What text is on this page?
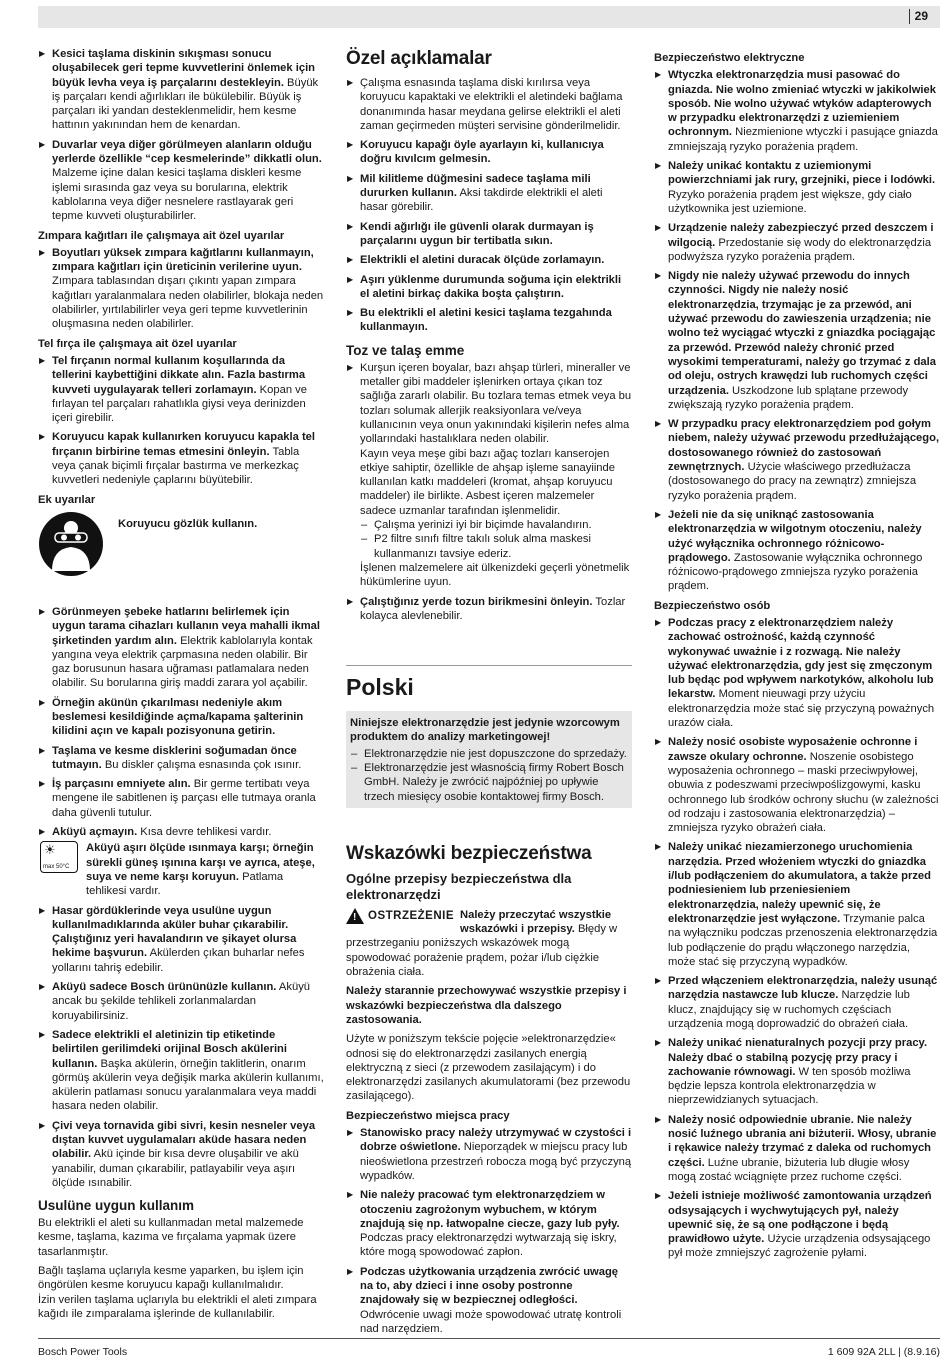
29
▶ Kesici taşlama diskinin sıkışması sonucu oluşabilecek geri tepme kuvvetlerini önlemek için büyük levha veya iş parçalarını destekleyin. Büyük iş parçaları kendi ağırlıkları ile bükülebilir. Büyük iş parçaları iki yandan desteklenmelidir, hem kesme hattının yakınından hem de kenardan.
▶ Duvarlar veya diğer görülmeyen alanların olduğu yerlerde özellikle “cep kesmelerinde” dikkatli olun. Malzeme içine dalan kesici taşlama diskleri kesme işlemi sırasında gaz veya su borularına, elektrik kablolarına veya diğer nesnelere rastlayarak geri tepme kuvveti oluşturabilirler.
Zımpara kağıtları ile çalışmaya ait özel uyarılar
▶ Boyutları yüksek zımpara kağıtlarını kullanmayın, zımpara kağıtları için üreticinin verilerine uyun. Zımpara tablasından dışarı çıkıntı yapan zımpara kağıtları yaralanmalara neden olabilirler, blokaja neden olabilirler, yırtılabilirler veya geri tepme kuvvetlerinin oluşmasına neden olabilirler.
Tel fırça ile çalışmaya ait özel uyarılar
▶ Tel fırçanın normal kullanım koşullarında da tellerini kaybettiğini dikkate alın. Fazla bastırma kuvveti uygulayarak telleri zorlamayın. Kopan ve fırlayan tel parçaları rahatlıkla giysi veya derinizden içeri girebilir.
▶ Koruyucu kapak kullanırken koruyucu kapakla tel fırçanın birbirine temas etmesini önleyin. Tabla veya çanak biçimli fırçalar bastırma ve merkezkaç kuvvetleri nedeniyle çaplarını büyütebilir.
Ek uyarılar
Koruyucu gözlük kullanın.
▶ Görünmeyen şebeke hatlarını belirlemek için uygun tarama cihazları kullanın veya mahalli ikmal şirketinden yardım alın. Elektrik kablolarıyla kontak yangına veya elektrik çarpmasına neden olabilir. Bir gaz borusunun hasara uğraması patlamalara neden olabilir. Su borularına giriş maddi zarara yol açabilir.
▶ Örneğin akünün çıkarılması nedeniyle akım beslemesi kesildiğinde açma/kapama şalterinin kilidini açın ve kapalı pozisyonuna getirin.
▶ Taşlama ve kesme disklerini soğumadan önce tutmayın. Bu diskler çalışma esnasında çok ısınır.
▶ İş parçasını emniyete alın. Bir germe tertibatı veya mengene ile sabitlenen iş parçası elle tutmaya oranla daha güvenli tutulur.
▶ Aküyü açmayın. Kısa devre tehlikesi vardır.
☀
max 50°C
Aküyü aşırı ölçüde ısınmaya karşı; örneğin sürekli güneş ışınına karşı ve ayrıca, ateşe, suya ve neme karşı koruyun. Patlama tehlikesi vardır.
▶ Hasar gördüklerinde veya usulüne uygun kullanılmadıklarında aküler buhar çıkarabilir. Çalıştığınız yeri havalandırın ve şikayet olursa hekime başvurun. Akülerden çıkan buharlar nefes yollarını tahriş edebilir.
▶ Aküyü sadece Bosch ürününüzle kullanın. Aküyü ancak bu şekilde tehlikeli zorlanmalardan koruyabilirsiniz.
▶ Sadece elektrikli el aletinizin tip etiketinde belirtilen gerilimdeki orijinal Bosch akülerini kullanın. Başka akülerin, örneğin taklitlerin, onarım görmüş akülerin veya değişik marka akülerin kullanımı, akülerin patlaması sonucu yaralanmalara veya maddi hasara neden olabilir.
▶ Çivi veya tornavida gibi sivri, kesin nesneler veya dıştan kuvvet uygulamaları aküde hasara neden olabilir. Akü içinde bir kısa devre oluşabilir ve akü yanabilir, duman çıkarabilir, patlayabilir veya aşırı ölçüde ısınabilir.
Usulüne uygun kullanım

Bu elektrikli el aleti su kullanmadan metal malzemede kesme, taşlama, kazıma ve fırçalama yapmak üzere tasarlanmıştır.

Bağlı taşlama uçlarıyla kesme yaparken, bu işlem için öngörülen kesme koruyucu kapağı kullanılmalıdır.

İzin verilen taşlama uçlarıyla bu elektrikli el aleti zımpara kağıdı ile zımparalama işlerinde de kullanılabilir.

Özel açıklamalar
▶ Çalışma esnasında taşlama diski kırılırsa veya koruyucu kapaktaki ve elektrikli el aletindeki bağlama donanımında hasar meydana gelirse elektrikli el aleti zaman geçirmeden müşteri servisine gönderilmelidir.
▶ Koruyucu kapağı öyle ayarlayın ki, kullanıcıya doğru kıvılcım gelmesin.
▶ Mil kilitleme düğmesini sadece taşlama mili dururken kullanın. Aksi takdirde elektrikli el aleti hasar görebilir.
▶ Kendi ağırlığı ile güvenli olarak durmayan iş parçalarını uygun bir tertibatla sıkın.
▶ Elektrikli el aletini duracak ölçüde zorlamayın.
▶ Aşırı yüklenme durumunda soğuma için elektrikli el aletini birkaç dakika boşta çalıştırın.
▶ Bu elektrikli el aletini kesici taşlama tezgahında kullanmayın.
Toz ve talaş emme
▶ Kurşun içeren boyalar, bazı ahşap türleri, mineraller ve metaller gibi maddeler işlenirken ortaya çıkan toz sağlığa zararlı olabilir. Bu tozlara temas etmek veya bu tozları solumak allerjik reaksiyonlara ve/veya kullanıcının veya onun yakınındaki kişilerin nefes alma yollarındaki hastalıklara neden olabilir.

Kayın veya meşe gibi bazı ağaç tozları kanserojen etkiye sahiptir, özellikle de ahşap işleme sanayiinde kullanılan katkı maddeleri (kromat, ahşap koruyucu maddeler) ile birlikte. Asbest içeren malzemeler sadece uzmanlar tarafından işlenmelidir.

– Çalışma yerinizi iyi bir biçimde havalandırın.
– P2 filtre sınıfı filtre takılı soluk alma maskesi kullanmanızı tavsiye ederiz.

İşlenen malzemelere ait ülkenizdeki geçerli yönetmelik hükümlerine uyun.

▶ Çalıştığınız yerde tozun birikmesini önleyin. Tozlar kolayca alevlenebilir.
Polski
Niniejsze elektronarzędzie jest jedynie wzorcowym produktem do analizy marketingowej!
– Elektronarzędzie nie jest dopuszczone do sprzedaży.
– Elektronarzędzie jest własnością firmy Robert Bosch GmbH. Należy je zwrócić najpóźniej po upływie trzech miesięcy osobie kontaktowej firmy Bosch.
Wskazówki bezpieczeństwa
Ogólne przepisy bezpieczeństwa dla elektronarzędzi
! OSTRZEŻENIE Należy przeczytać wszystkie wskazówki i przepisy. Błędy w przestrzeganiu poniższych wskazówek mogą spowodować porażenie prądem, pożar i/lub ciężkie obrażenia ciała.

Należy starannie przechowywać wszystkie przepisy i wskazówki bezpieczeństwa dla dalszego zastosowania.

Użyte w poniższym tekście pojęcie »elektronarzędzie« odnosi się do elektronarzędzi zasilanych energią elektryczną z sieci (z przewodem zasilającym) i do elektronarzędzi zasilanych akumulatorami (bez przewodu zasilającego).

Bezpieczeństwo miejsca pracy
▶ Stanowisko pracy należy utrzymywać w czystości i dobrze oświetlone. Nieporządek w miejscu pracy lub nieoświetlona przestrzeń robocza mogą być przyczyną wypadków.
▶ Nie należy pracować tym elektronarzędziem w otoczeniu zagrożonym wybuchem, w którym znajdują się np. łatwopalne ciecze, gazy lub pyły. Podczas pracy elektronarzędzi wytwarzają się iskry, które mogą spowodować zapłon.
▶ Podczas użytkowania urządzenia zwrócić uwagę na to, aby dzieci i inne osoby postronne znajdowały się w bezpiecznej odległości. Odwrócenie uwagi może spowodować utratę kontroli nad narzędziem.
Bezpieczeństwo elektryczne
▶ Wtyczka elektronarzędzia musi pasować do gniazda. Nie wolno zmieniać wtyczki w jakikolwiek sposób. Nie wolno używać wtyków adapterowych w przypadku elektronarzędzi z uziemieniem ochronnym. Niezmienione wtyczki i pasujące gniazda zmniejszają ryzyko porażenia prądem.
▶ Należy unikać kontaktu z uziemionymi powierzchniami jak rury, grzejniki, piece i lodówki. Ryzyko porażenia prądem jest większe, gdy ciało użytkownika jest uziemione.
▶ Urządzenie należy zabezpieczyć przed deszczem i wilgocią. Przedostanie się wody do elektronarzędzia podwyższa ryzyko porażenia prądem.
▶ Nigdy nie należy używać przewodu do innych czynności. Nigdy nie należy nosić elektronarzędzia, trzymając je za przewód, ani używać przewodu do zawieszenia urządzenia; nie wolno też wyciągać wtyczki z gniazdka pociągając za przewód. Przewód należy chronić przed wysokimi temperaturami, należy go trzymać z dala od oleju, ostrych krawędzi lub ruchomych części urządzenia. Uszkodzone lub splątane przewody zwiększają ryzyko porażenia prądem.
▶ W przypadku pracy elektronarzędziem pod gołym niebem, należy używać przewodu przedłużającego, dostosowanego również do zastosowań zewnętrznych. Użycie właściwego przedłużacza (dostosowanego do pracy na zewnątrz) zmniejsza ryzyko porażenia prądem.
▶ Jeżeli nie da się uniknąć zastosowania elektronarzędzia w wilgotnym otoczeniu, należy użyć wyłącznika ochronnego różnicowo-prądowego. Zastosowanie wyłącznika ochronnego różnicowo-prądowego zmniejsza ryzyko porażenia prądem.
Bezpieczeństwo osób
▶ Podczas pracy z elektronarzędziem należy zachować ostrożność, każdą czynność wykonywać uważnie i z rozwagą. Nie należy używać elektronarzędzia, gdy jest się zmęczonym lub będąc pod wpływem narkotyków, alkoholu lub lekarstw. Moment nieuwagi przy użyciu elektronarzędzia może stać się przyczyną poważnych urazów ciała.
▶ Należy nosić osobiste wyposażenie ochronne i zawsze okulary ochronne. Noszenie osobistego wyposażenia ochronnego – maski przeciwpyłowej, obuwia z podeszwami przeciwpoślizgowymi, kasku ochronnego lub środków ochrony słuchu (w zależności od rodzaju i zastosowania elektronarzędzia) – zmniejsza ryzyko obrażeń ciała.
▶ Należy unikać niezamierzonego uruchomienia narzędzia. Przed włożeniem wtyczki do gniazdka i/lub podłączeniem do akumulatora, a także przed podniesieniem lub przeniesieniem elektronarzędzia, należy upewnić się, że elektronarzędzie jest wyłączone. Trzymanie palca na wyłączniku podczas przenoszenia elektronarzędzia lub podłączenie do prądu włączonego narzędzia, może stać się przyczyną wypadków.
▶ Przed włączeniem elektronarzędzia, należy usunąć narzędzia nastawcze lub klucze. Narzędzie lub klucz, znajdujący się w ruchomych częściach urządzenia mogą doprowadzić do obrażeń ciała.
▶ Należy unikać nienaturalnych pozycji przy pracy. Należy dbać o stabilną pozycję przy pracy i zachowanie równowagi. W ten sposób możliwa będzie lepsza kontrola elektronarzędzia w nieprzewidzianych sytuacjach.
▶ Należy nosić odpowiednie ubranie. Nie należy nosić luźnego ubrania ani biżuterii. Włosy, ubranie i rękawice należy trzymać z daleka od ruchomych części. Luźne ubranie, biżuteria lub długie włosy mogą zostać wciągnięte przez ruchome części.
▶ Jeżeli istnieje możliwość zamontowania urządzeń odsysających i wychwytujących pył, należy upewnić się, że są one podłączone i będą prawidłowo użyte. Użycie urządzenia odsysającego pył może zmniejszyć zagrożenie pyłami.
Bosch Power Tools	1 609 92A 2LL | (8.9.16)
